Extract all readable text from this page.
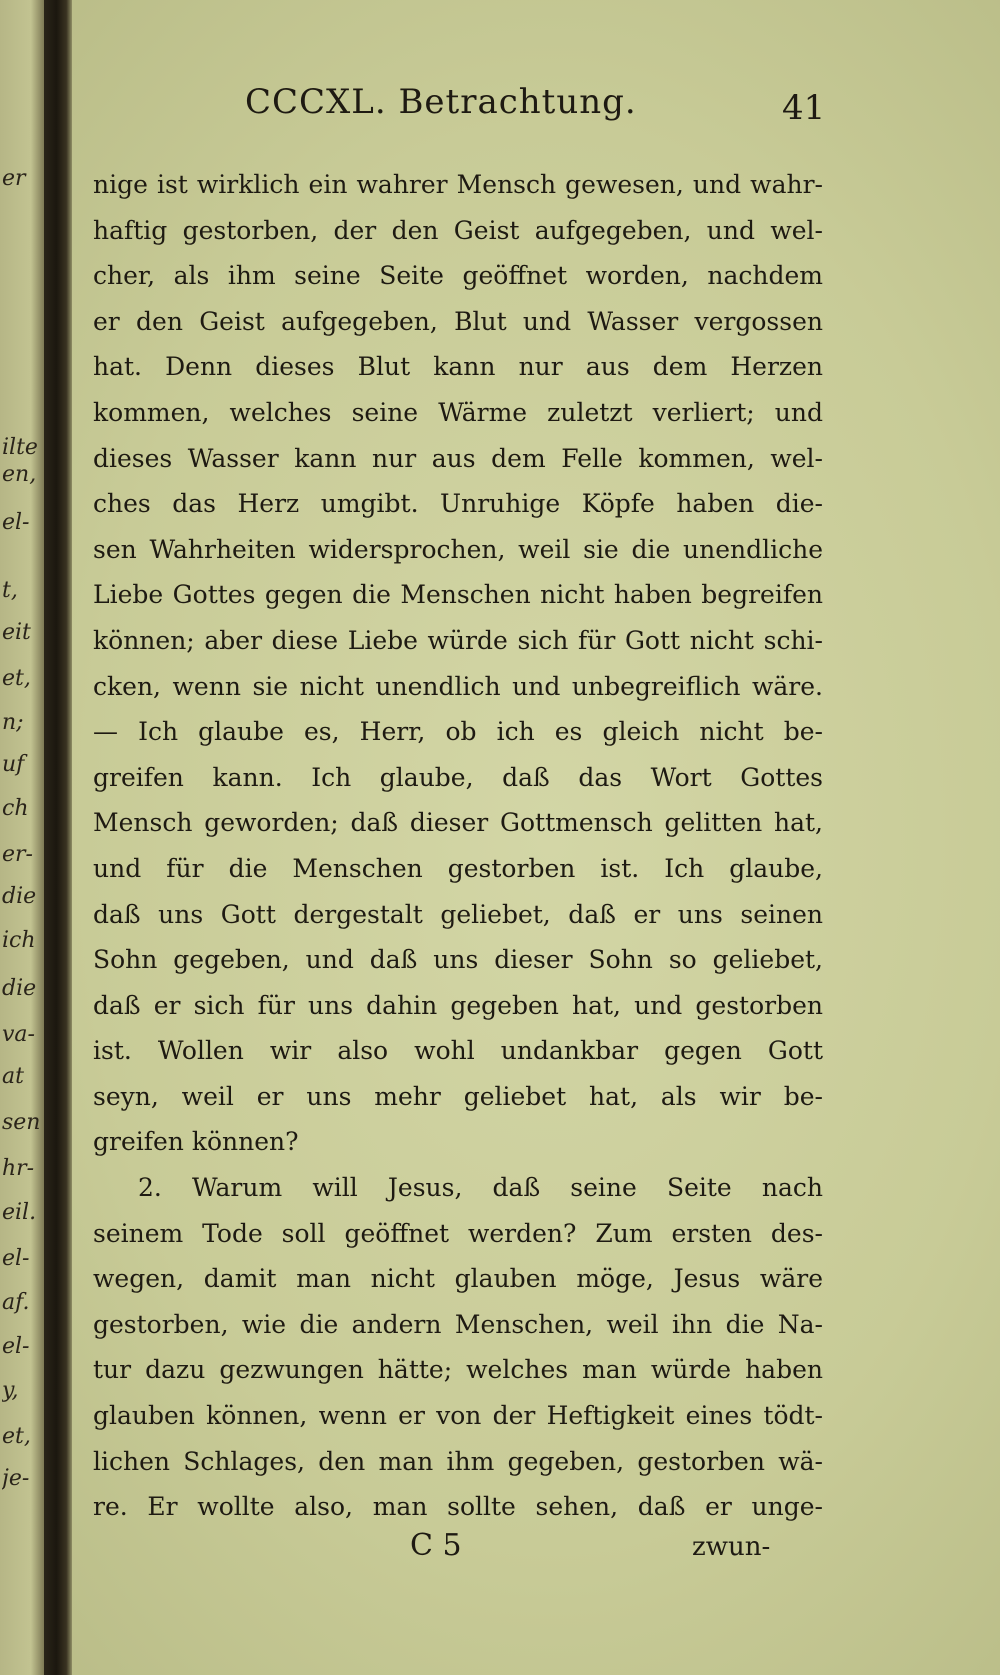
er
ilte
en,
el-
t,
eit
et,
n;
uf
ch
er-
die
ich
die
va-
at
sen
hr-
eil.
el-
af.
el-
y,
et,
je-
CCCXL. Betrachtung.	41
nige ist wirklich ein wahrer Mensch gewesen, und wahr-
haftig gestorben, der den Geist aufgegeben, und wel-
cher, als ihm seine Seite geöffnet worden, nachdem
er den Geist aufgegeben, Blut und Wasser vergossen
hat. Denn dieses Blut kann nur aus dem Herzen
kommen, welches seine Wärme zuletzt verliert; und
dieses Wasser kann nur aus dem Felle kommen, wel-
ches das Herz umgibt. Unruhige Köpfe haben die-
sen Wahrheiten widersprochen, weil sie die unendliche
Liebe Gottes gegen die Menschen nicht haben begreifen
können; aber diese Liebe würde sich für Gott nicht schi-
cken, wenn sie nicht unendlich und unbegreiflich wäre.
— Ich glaube es, Herr, ob ich es gleich nicht be-
greifen kann. Ich glaube, daß das Wort Gottes
Mensch geworden; daß dieser Gottmensch gelitten hat,
und für die Menschen gestorben ist. Ich glaube,
daß uns Gott dergestalt geliebet, daß er uns seinen
Sohn gegeben, und daß uns dieser Sohn so geliebet,
daß er sich für uns dahin gegeben hat, und gestorben
ist. Wollen wir also wohl undankbar gegen Gott
seyn, weil er uns mehr geliebet hat, als wir be-
greifen können?
2. Warum will Jesus, daß seine Seite nach
seinem Tode soll geöffnet werden? Zum ersten des-
wegen, damit man nicht glauben möge, Jesus wäre
gestorben, wie die andern Menschen, weil ihn die Na-
tur dazu gezwungen hätte; welches man würde haben
glauben können, wenn er von der Heftigkeit eines tödt-
lichen Schlages, den man ihm gegeben, gestorben wä-
re. Er wollte also, man sollte sehen, daß er unge-
C 5	zwun-
